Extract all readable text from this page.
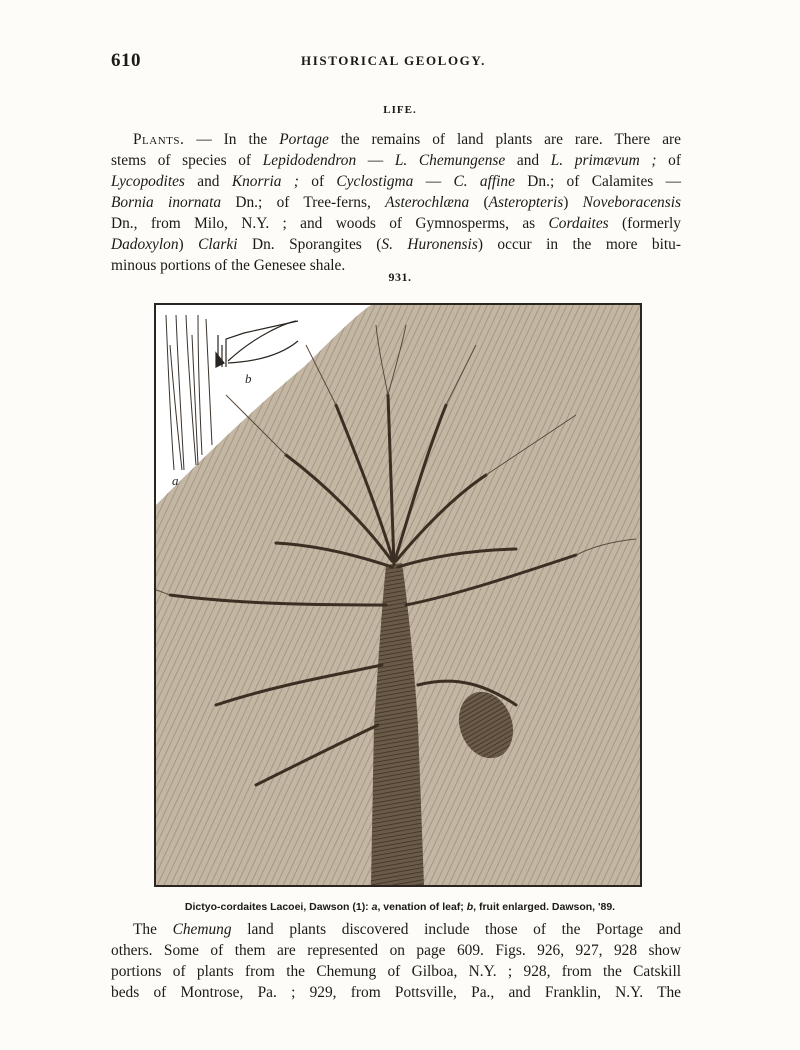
610	HISTORICAL GEOLOGY.
LIFE.

Plants. — In the Portage the remains of land plants are rare. There are
stems of species of Lepidodendron — L. Chemungense and L. primævum ; of
Lycopodites and Knorria ; of Cyclostigma — C. affine Dn.; of Calamites —
Bornia inornata Dn.; of Tree-ferns, Asterochlæna (Asteropteris) Noveboracensis
Dn., from Milo, N.Y. ; and woods of Gymnosperms, as Cordaites (formerly
Dadoxylon) Clarki Dn. Sporangites (S. Huronensis) occur in the more bitu-
minous portions of the Genesee shale.

931.
b
a
Dictyo-cordaites Lacoei, Dawson (1): a, venation of leaf; b, fruit enlarged. Dawson, '89.

The Chemung land plants discovered include those of the Portage and
others. Some of them are represented on page 609. Figs. 926, 927, 928 show
portions of plants from the Chemung of Gilboa, N.Y. ; 928, from the Catskill
beds of Montrose, Pa. ; 929, from Pottsville, Pa., and Franklin, N.Y. The
